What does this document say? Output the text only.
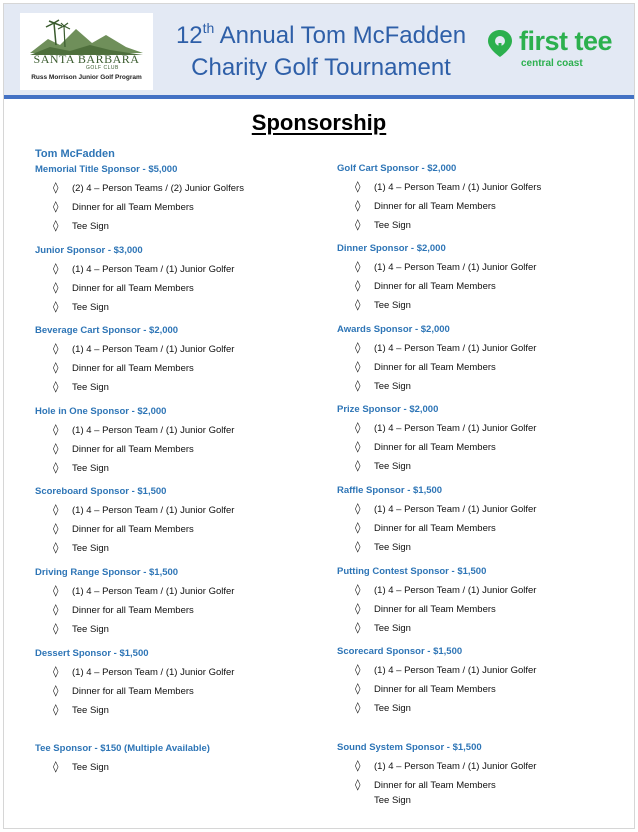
SANTA BARBARA
GOLF CLUB
Russ Morrison Junior Golf Program
12th Annual Tom McFadden
Charity Golf Tournament
first tee
central coast
Sponsorship
Tom McFadden
Memorial Title Sponsor - $5,000
◊ (2) 4 – Person Teams / (2) Junior Golfers
◊ Dinner for all Team Members
◊ Tee Sign
Junior Sponsor - $3,000
◊ (1) 4 – Person Team / (1) Junior Golfer
◊ Dinner for all Team Members
◊ Tee Sign
Beverage Cart Sponsor - $2,000
◊ (1) 4 – Person Team / (1) Junior Golfer
◊ Dinner for all Team Members
◊ Tee Sign
Hole in One Sponsor - $2,000
◊ (1) 4 – Person Team / (1) Junior Golfer
◊ Dinner for all Team Members
◊ Tee Sign
Scoreboard Sponsor - $1,500
◊ (1) 4 – Person Team / (1) Junior Golfer
◊ Dinner for all Team Members
◊ Tee Sign
Driving Range Sponsor - $1,500
◊ (1) 4 – Person Team / (1) Junior Golfer
◊ Dinner for all Team Members
◊ Tee Sign
Dessert Sponsor - $1,500
◊ (1) 4 – Person Team / (1) Junior Golfer
◊ Dinner for all Team Members
◊ Tee Sign
Tee Sponsor - $150 (Multiple Available)
◊ Tee Sign
Golf Cart Sponsor - $2,000
◊ (1) 4 – Person Team / (1) Junior Golfers
◊ Dinner for all Team Members
◊ Tee Sign
Dinner Sponsor - $2,000
◊ (1) 4 – Person Team / (1) Junior Golfer
◊ Dinner for all Team Members
◊ Tee Sign
Awards Sponsor - $2,000
◊ (1) 4 – Person Team / (1) Junior Golfer
◊ Dinner for all Team Members
◊ Tee Sign
Prize Sponsor - $2,000
◊ (1) 4 – Person Team / (1) Junior Golfer
◊ Dinner for all Team Members
◊ Tee Sign
Raffle Sponsor - $1,500
◊ (1) 4 – Person Team / (1) Junior Golfer
◊ Dinner for all Team Members
◊ Tee Sign
Putting Contest Sponsor - $1,500
◊ (1) 4 – Person Team / (1) Junior Golfer
◊ Dinner for all Team Members
◊ Tee Sign
Scorecard Sponsor - $1,500
◊ (1) 4 – Person Team / (1) Junior Golfer
◊ Dinner for all Team Members
◊ Tee Sign
Sound System Sponsor - $1,500
◊ (1) 4 – Person Team / (1) Junior Golfer
◊ Dinner for all Team Members
Tee Sign
